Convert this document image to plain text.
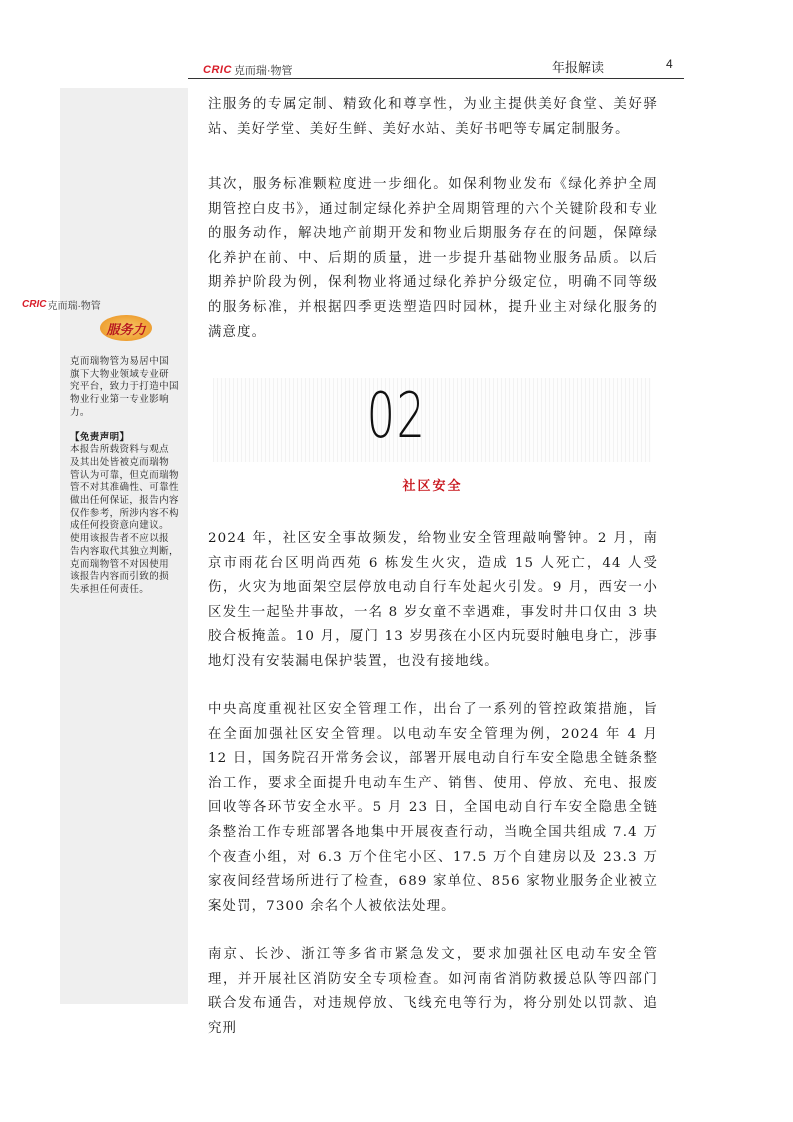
CRIC 克而瑞·物管	年报解读	4
CRIC 克而瑞·物管
服务力

克而瑞物管为易居中国

旗下大物业领域专业研

究平台，致力于打造中国

物业行业第一专业影响

力。

【免责声明】

本报告所载资料与观点

及其出处皆被克而瑞物

管认为可靠，但克而瑞物

管不对其准确性、可靠性

做出任何保证，报告内容

仅作参考，所涉内容不构

成任何投资意向建议。

使用该报告者不应以报

告内容取代其独立判断，

克而瑞物管不对因使用

该报告内容而引致的损

失承担任何责任。

注服务的专属定制、精致化和尊享性，为业主提供美好食堂、美好驿站、美好学堂、美好生鲜、美好水站、美好书吧等专属定制服务。

其次，服务标准颗粒度进一步细化。如保利物业发布《绿化养护全周期管控白皮书》，通过制定绿化养护全周期管理的六个关键阶段和专业的服务动作，解决地产前期开发和物业后期服务存在的问题，保障绿化养护在前、中、后期的质量，进一步提升基础物业服务品质。以后期养护阶段为例，保利物业将通过绿化养护分级定位，明确不同等级的服务标准，并根据四季更迭塑造四时园林，提升业主对绿化服务的满意度。

02
社区安全

2024 年，社区安全事故频发，给物业安全管理敲响警钟。2 月，南京市雨花台区明尚西苑 6 栋发生火灾，造成 15 人死亡，44 人受伤，火灾为地面架空层停放电动自行车处起火引发。9 月，西安一小区发生一起坠井事故，一名 8 岁女童不幸遇难，事发时井口仅由 3 块胶合板掩盖。10 月，厦门 13 岁男孩在小区内玩耍时触电身亡，涉事地灯没有安装漏电保护装置，也没有接地线。

中央高度重视社区安全管理工作，出台了一系列的管控政策措施，旨在全面加强社区安全管理。以电动车安全管理为例，2024 年 4 月 12 日，国务院召开常务会议，部署开展电动自行车安全隐患全链条整治工作，要求全面提升电动车生产、销售、使用、停放、充电、报废回收等各环节安全水平。5 月 23 日，全国电动自行车安全隐患全链条整治工作专班部署各地集中开展夜查行动，当晚全国共组成 7.4 万个夜查小组，对 6.3 万个住宅小区、17.5 万个自建房以及 23.3 万家夜间经营场所进行了检查，689 家单位、856 家物业服务企业被立案处罚，7300 余名个人被依法处理。

南京、长沙、浙江等多省市紧急发文，要求加强社区电动车安全管理，并开展社区消防安全专项检查。如河南省消防救援总队等四部门联合发布通告，对违规停放、飞线充电等行为，将分别处以罚款、追究刑
